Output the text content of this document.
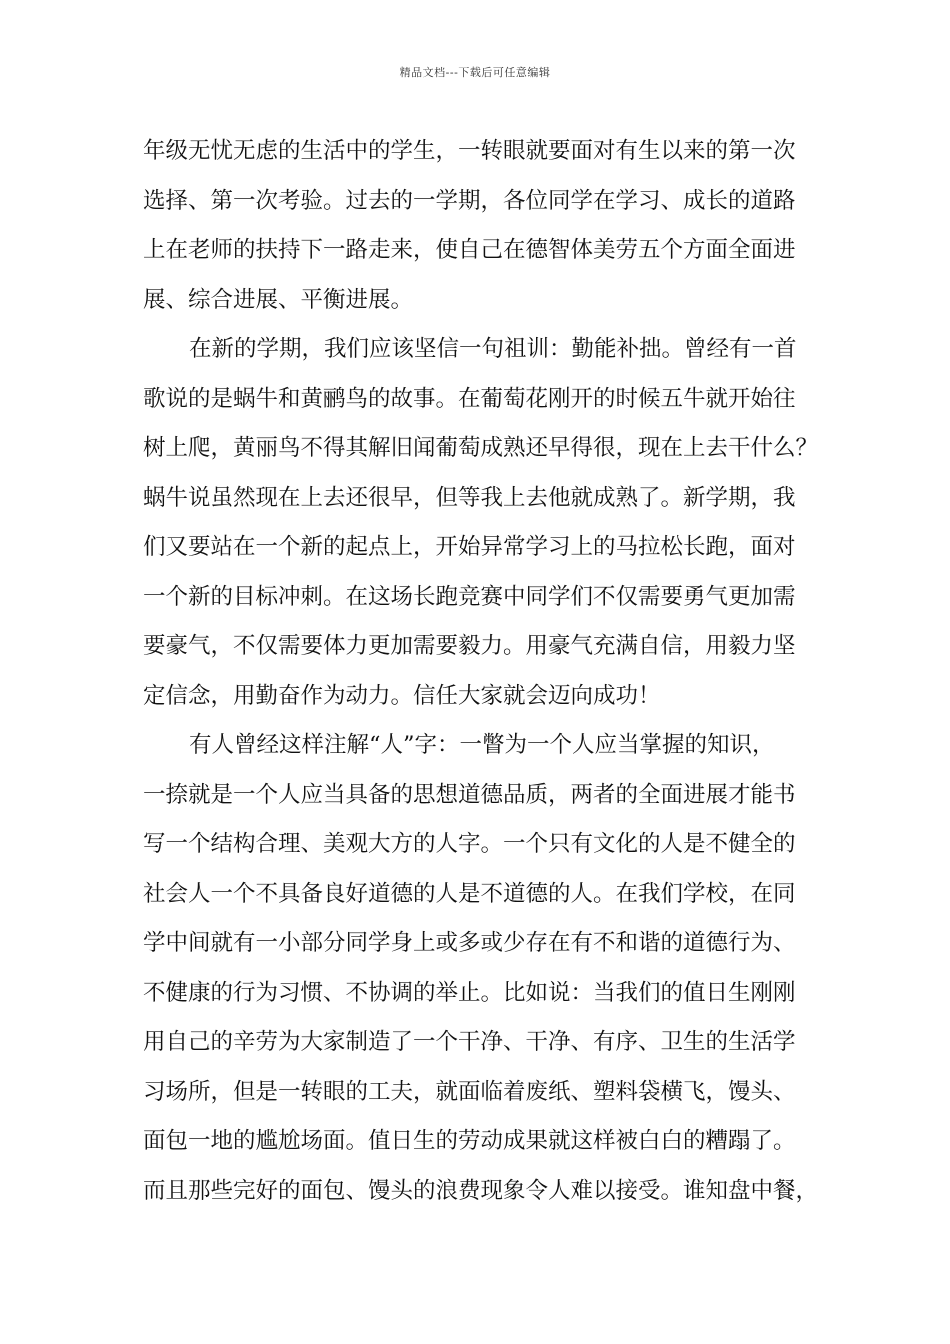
精品文档---下载后可任意编辑
年级无忧无虑的生活中的学生，一转眼就要面对有生以来的第一次
选择、第一次考验。过去的一学期，各位同学在学习、成长的道路
上在老师的扶持下一路走来，使自己在德智体美劳五个方面全面进
展、综合进展、平衡进展。
在新的学期，我们应该坚信一句祖训：勤能补拙。曾经有一首
歌说的是蜗牛和黄鹂鸟的故事。在葡萄花刚开的时候五牛就开始往
树上爬，黄丽鸟不得其解旧闻葡萄成熟还早得很，现在上去干什么？
蜗牛说虽然现在上去还很早，但等我上去他就成熟了。新学期，我
们又要站在一个新的起点上，开始异常学习上的马拉松长跑，面对
一个新的目标冲刺。在这场长跑竞赛中同学们不仅需要勇气更加需
要豪气，不仅需要体力更加需要毅力。用豪气充满自信，用毅力坚
定信念，用勤奋作为动力。信任大家就会迈向成功！
有人曾经这样注解“人”字：一瞥为一个人应当掌握的知识，
一捺就是一个人应当具备的思想道德品质，两者的全面进展才能书
写一个结构合理、美观大方的人字。一个只有文化的人是不健全的
社会人一个不具备良好道德的人是不道德的人。在我们学校，在同
学中间就有一小部分同学身上或多或少存在有不和谐的道德行为、
不健康的行为习惯、不协调的举止。比如说：当我们的值日生刚刚
用自己的辛劳为大家制造了一个干净、干净、有序、卫生的生活学
习场所，但是一转眼的工夫，就面临着废纸、塑料袋横飞，馒头、
面包一地的尴尬场面。值日生的劳动成果就这样被白白的糟蹋了。
而且那些完好的面包、馒头的浪费现象令人难以接受。谁知盘中餐，
